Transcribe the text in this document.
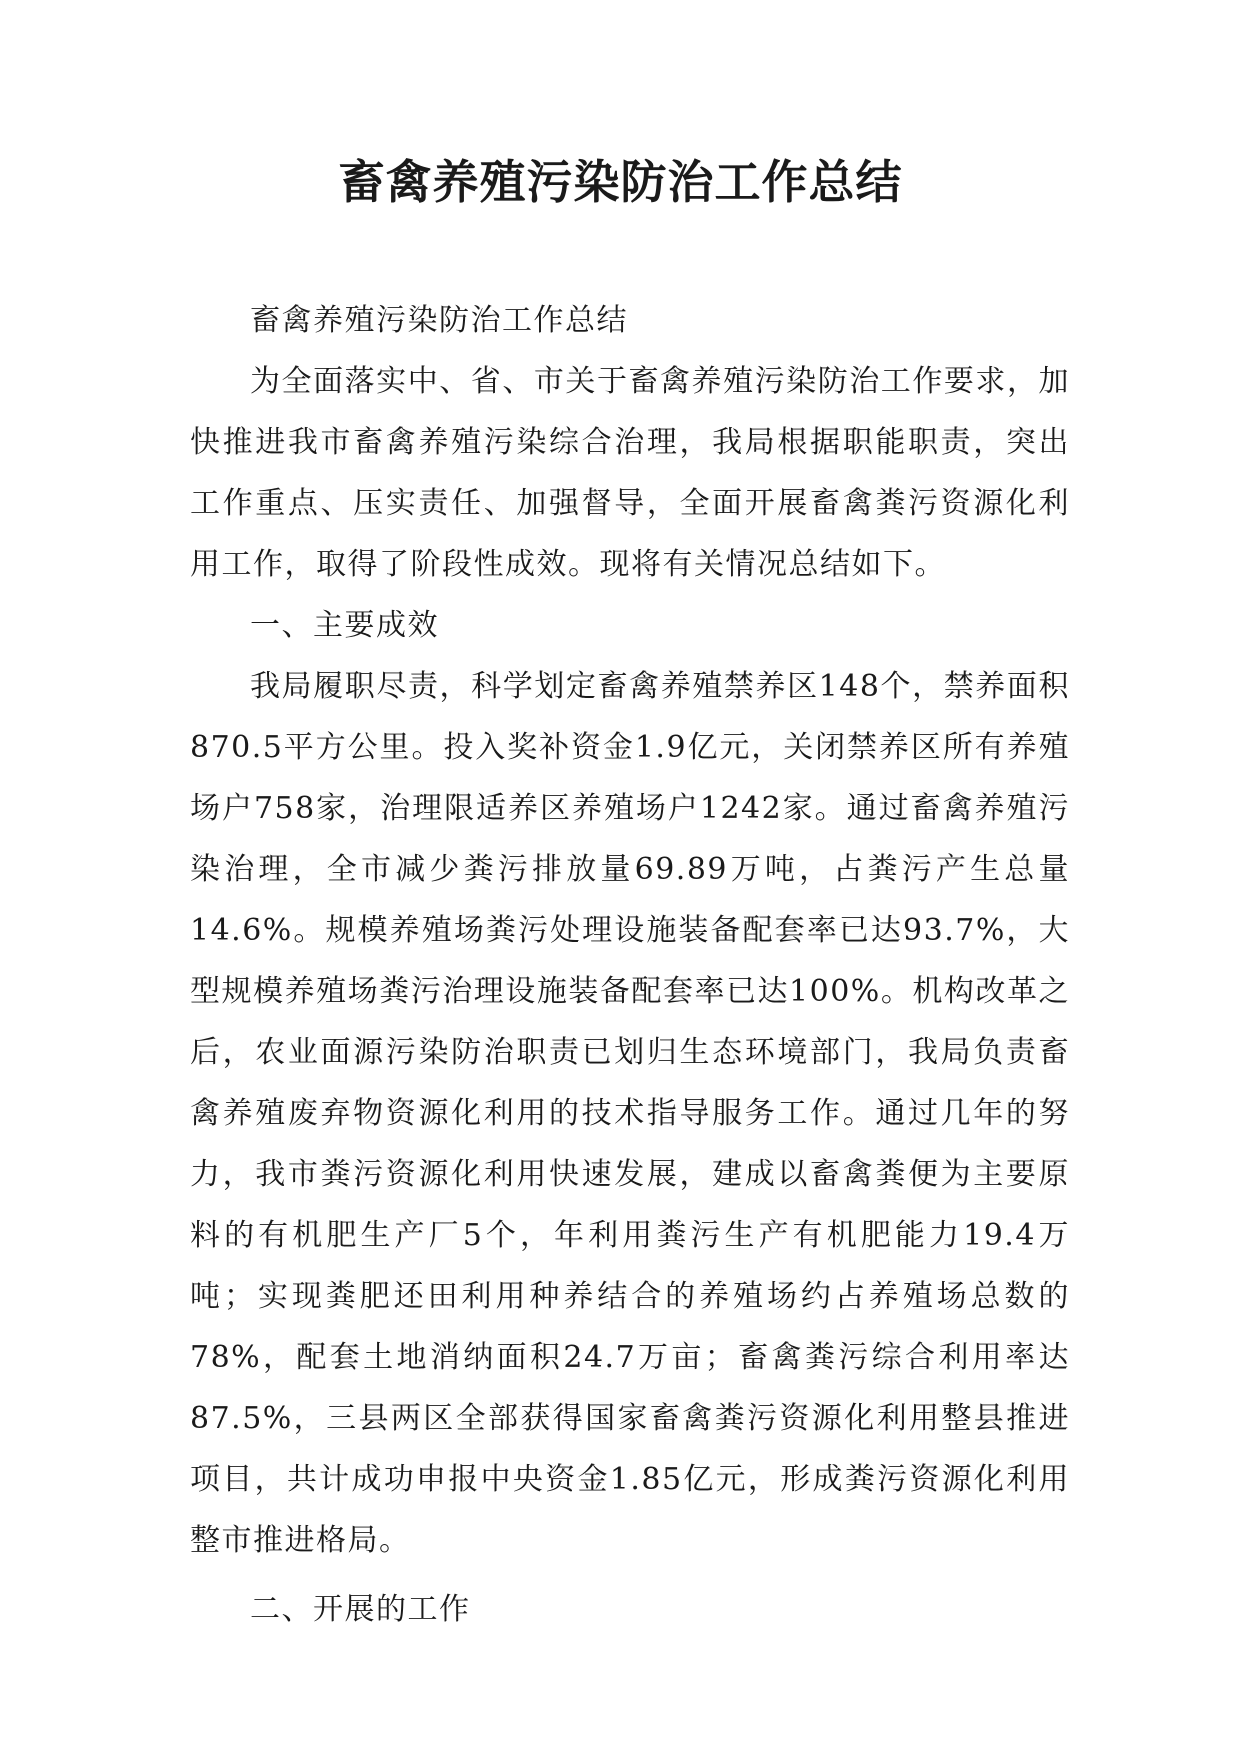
畜禽养殖污染防治工作总结

畜禽养殖污染防治工作总结

为全面落实中、省、市关于畜禽养殖污染防治工作要求，加快推进我市畜禽养殖污染综合治理，我局根据职能职责，突出工作重点、压实责任、加强督导，全面开展畜禽粪污资源化利用工作，取得了阶段性成效。现将有关情况总结如下。

一、主要成效

我局履职尽责，科学划定畜禽养殖禁养区148个，禁养面积 870.5平方公里。投入奖补资金1.9亿元，关闭禁养区所有养殖场户758家，治理限适养区养殖场户1242家。通过畜禽养殖污染治理，全市减少粪污排放量69.89万吨，占粪污产生总量14.6%。规模养殖场粪污处理设施装备配套率已达93.7%，大型规模养殖场粪污治理设施装备配套率已达100%。机构改革之后，农业面源污染防治职责已划归生态环境部门，我局负责畜禽养殖废弃物资源化利用的技术指导服务工作。通过几年的努力，我市粪污资源化利用快速发展，建成以畜禽粪便为主要原料的有机肥生产厂5个，年利用粪污生产有机肥能力19.4万吨；实现粪肥还田利用种养结合的养殖场约占养殖场总数的78%，配套土地消纳面积24.7万亩；畜禽粪污综合利用率达87.5%，三县两区全部获得国家畜禽粪污资源化利用整县推进项目，共计成功申报中央资金1.85亿元，形成粪污资源化利用整市推进格局。

二、开展的工作
